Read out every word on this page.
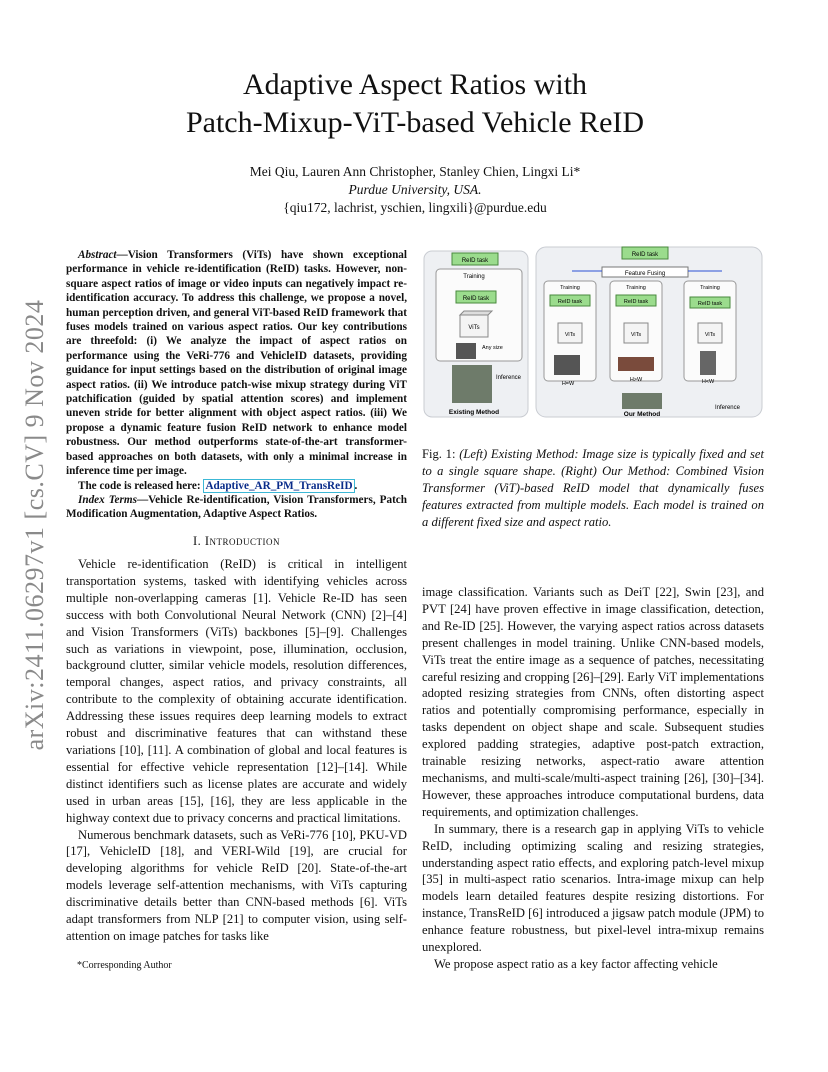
arXiv:2411.06297v1 [cs.CV] 9 Nov 2024
Adaptive Aspect Ratios with
Patch-Mixup-ViT-based Vehicle ReID
Mei Qiu, Lauren Ann Christopher, Stanley Chien, Lingxi Li*
Purdue University, USA.
{qiu172, lachrist, yschien, lingxili}@purdue.edu

Abstract—Vision Transformers (ViTs) have shown exceptional performance in vehicle re-identification (ReID) tasks. However, non-square aspect ratios of image or video inputs can negatively impact re-identification accuracy. To address this challenge, we propose a novel, human perception driven, and general ViT-based ReID framework that fuses models trained on various aspect ratios. Our key contributions are threefold: (i) We analyze the impact of aspect ratios on performance using the VeRi-776 and VehicleID datasets, providing guidance for input settings based on the distribution of original image aspect ratios. (ii) We introduce patch-wise mixup strategy during ViT patchification (guided by spatial attention scores) and implement uneven stride for better alignment with object aspect ratios. (iii) We propose a dynamic feature fusion ReID network to enhance model robustness. Our method outperforms state-of-the-art transformer-based approaches on both datasets, with only a minimal increase in inference time per image.

The code is released here: Adaptive_AR_PM_TransReID .

Index Terms—Vehicle Re-identification, Vision Transformers, Patch Modification Augmentation, Adaptive Aspect Ratios.

I. Introduction

Vehicle re-identification (ReID) is critical in intelligent transportation systems, tasked with identifying vehicles across multiple non-overlapping cameras [1]. Vehicle Re-ID has seen success with both Convolutional Neural Network (CNN) [2]–[4] and Vision Transformers (ViTs) backbones [5]–[9]. Challenges such as variations in viewpoint, pose, illumination, occlusion, background clutter, similar vehicle models, resolution differences, temporal changes, aspect ratios, and privacy constraints, all contribute to the complexity of obtaining accurate identification. Addressing these issues requires deep learning models to extract robust and discriminative features that can withstand these variations [10], [11]. A combination of global and local features is essential for effective vehicle representation [12]–[14]. While distinct identifiers such as license plates are accurate and widely used in urban areas [15], [16], they are less applicable in the highway context due to privacy concerns and practical limitations.

Numerous benchmark datasets, such as VeRi-776 [10], PKU-VD [17], VehicleID [18], and VERI-Wild [19], are crucial for developing algorithms for vehicle ReID [20]. State-of-the-art models leverage self-attention mechanisms, with ViTs capturing discriminative details better than CNN-based methods [6]. ViTs adapt transformers from NLP [21] to computer vision, using self-attention on image patches for tasks like

*Corresponding Author
ReID task
Training
ReID task
ViTs
Any size
Inference
Existing Method
ReID task
Feature Fusing
Training
ReID task
ViTs
H=W
Training
ReID task
ViTs
H>W
Training
ReID task
ViTs
H<W
Inference
Our Method
Fig. 1: (Left) Existing Method: Image size is typically fixed and set to a single square shape. (Right) Our Method: Combined Vision Transformer (ViT)-based ReID model that dynamically fuses features extracted from multiple models. Each model is trained on a different fixed size and aspect ratio.

image classification. Variants such as DeiT [22], Swin [23], and PVT [24] have proven effective in image classification, detection, and Re-ID [25]. However, the varying aspect ratios across datasets present challenges in model training. Unlike CNN-based models, ViTs treat the entire image as a sequence of patches, necessitating careful resizing and cropping [26]–[29]. Early ViT implementations adopted resizing strategies from CNNs, often distorting aspect ratios and potentially compromising performance, especially in tasks dependent on object shape and scale. Subsequent studies explored padding strategies, adaptive post-patch extraction, trainable resizing networks, aspect-ratio aware attention mechanisms, and multi-scale/multi-aspect training [26], [30]–[34]. However, these approaches introduce computational burdens, data requirements, and optimization challenges.

In summary, there is a research gap in applying ViTs to vehicle ReID, including optimizing scaling and resizing strategies, understanding aspect ratio effects, and exploring patch-level mixup [35] in multi-aspect ratio scenarios. Intra-image mixup can help models learn detailed features despite resizing distortions. For instance, TransReID [6] introduced a jigsaw patch module (JPM) to enhance feature robustness, but pixel-level intra-mixup remains unexplored.

We propose aspect ratio as a key factor affecting vehicle
